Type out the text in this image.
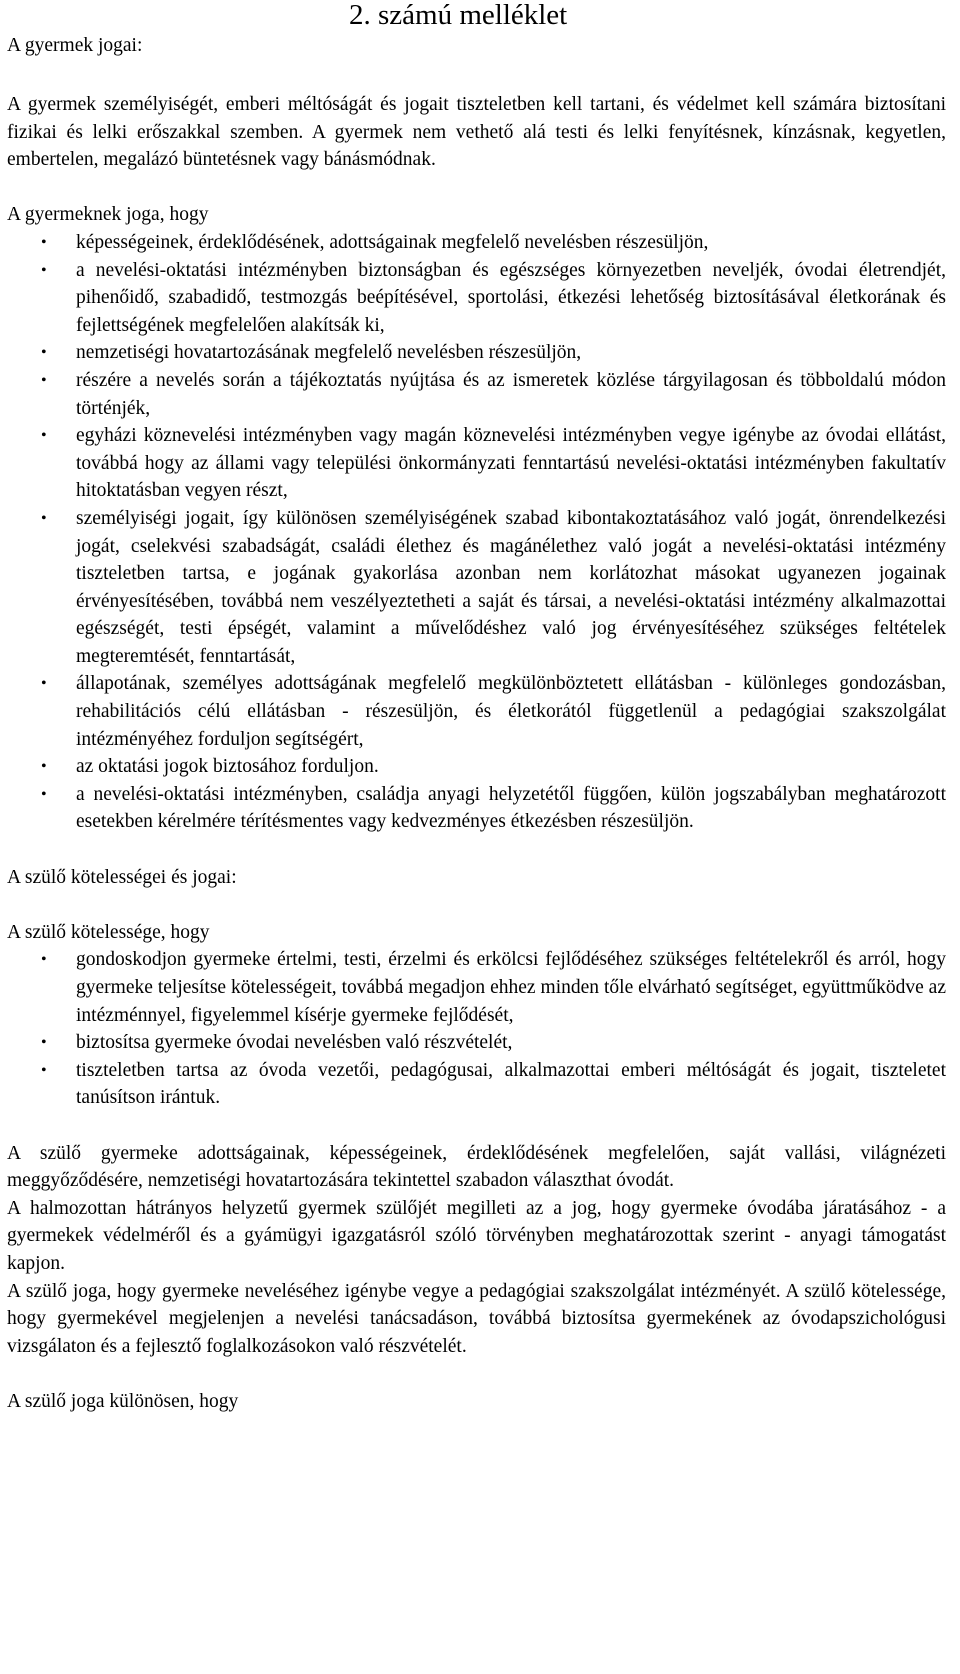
A gyermek jogai:
2. számú melléklet

A gyermek személyiségét, emberi méltóságát és jogait tiszteletben kell tartani, és védelmet kell számára biztosítani fizikai és lelki erőszakkal szemben. A gyermek nem vethető alá testi és lelki fenyítésnek, kínzásnak, kegyetlen, embertelen, megalázó büntetésnek vagy bánásmódnak.

A gyermeknek joga, hogy

• képességeinek, érdeklődésének, adottságainak megfelelő nevelésben részesüljön,
• a nevelési-oktatási intézményben biztonságban és egészséges környezetben neveljék, óvodai életrendjét, pihenőidő, szabadidő, testmozgás beépítésével, sportolási, étkezési lehetőség biztosításával életkorának és fejlettségének megfelelően alakítsák ki,
• nemzetiségi hovatartozásának megfelelő nevelésben részesüljön,
• részére a nevelés során a tájékoztatás nyújtása és az ismeretek közlése tárgyilagosan és többoldalú módon történjék,
• egyházi köznevelési intézményben vagy magán köznevelési intézményben vegye igénybe az óvodai ellátást, továbbá hogy az állami vagy települési önkormányzati fenntartású nevelési-oktatási intézményben fakultatív hitoktatásban vegyen részt,
• személyiségi jogait, így különösen személyiségének szabad kibontakoztatásához való jogát, önrendelkezési jogát, cselekvési szabadságát, családi élethez és magánélethez való jogát a nevelési-oktatási intézmény tiszteletben tartsa, e jogának gyakorlása azonban nem korlátozhat másokat ugyanezen jogainak érvényesítésében, továbbá nem veszélyeztetheti a saját és társai, a nevelési-oktatási intézmény alkalmazottai egészségét, testi épségét, valamint a művelődéshez való jog érvényesítéséhez szükséges feltételek megteremtését, fenntartását,
• állapotának, személyes adottságának megfelelő megkülönböztetett ellátásban - különleges gondozásban, rehabilitációs célú ellátásban - részesüljön, és életkorától függetlenül a pedagógiai szakszolgálat intézményéhez forduljon segítségért,
• az oktatási jogok biztosához forduljon.
• a nevelési-oktatási intézményben, családja anyagi helyzetétől függően, külön jogszabályban meghatározott esetekben kérelmére térítésmentes vagy kedvezményes étkezésben részesüljön.

A szülő kötelességei és jogai:

A szülő kötelessége, hogy

• gondoskodjon gyermeke értelmi, testi, érzelmi és erkölcsi fejlődéséhez szükséges feltételekről és arról, hogy gyermeke teljesítse kötelességeit, továbbá megadjon ehhez minden tőle elvárható segítséget, együttműködve az intézménnyel, figyelemmel kísérje gyermeke fejlődését,
• biztosítsa gyermeke óvodai nevelésben való részvételét,
• tiszteletben tartsa az óvoda vezetői, pedagógusai, alkalmazottai emberi méltóságát és jogait, tiszteletet tanúsítson irántuk.

A szülő gyermeke adottságainak, képességeinek, érdeklődésének megfelelően, saját vallási, világnézeti meggyőződésére, nemzetiségi hovatartozására tekintettel szabadon választhat óvodát.

A halmozottan hátrányos helyzetű gyermek szülőjét megilleti az a jog, hogy gyermeke óvodába járatásához - a gyermekek védelméről és a gyámügyi igazgatásról szóló törvényben meghatározottak szerint - anyagi támogatást kapjon.

A szülő joga, hogy gyermeke neveléséhez igénybe vegye a pedagógiai szakszolgálat intézményét. A szülő kötelessége, hogy gyermekével megjelenjen a nevelési tanácsadáson, továbbá biztosítsa gyermekének az óvodapszichológusi vizsgálaton és a fejlesztő foglalkozásokon való részvételét.

A szülő joga különösen, hogy
